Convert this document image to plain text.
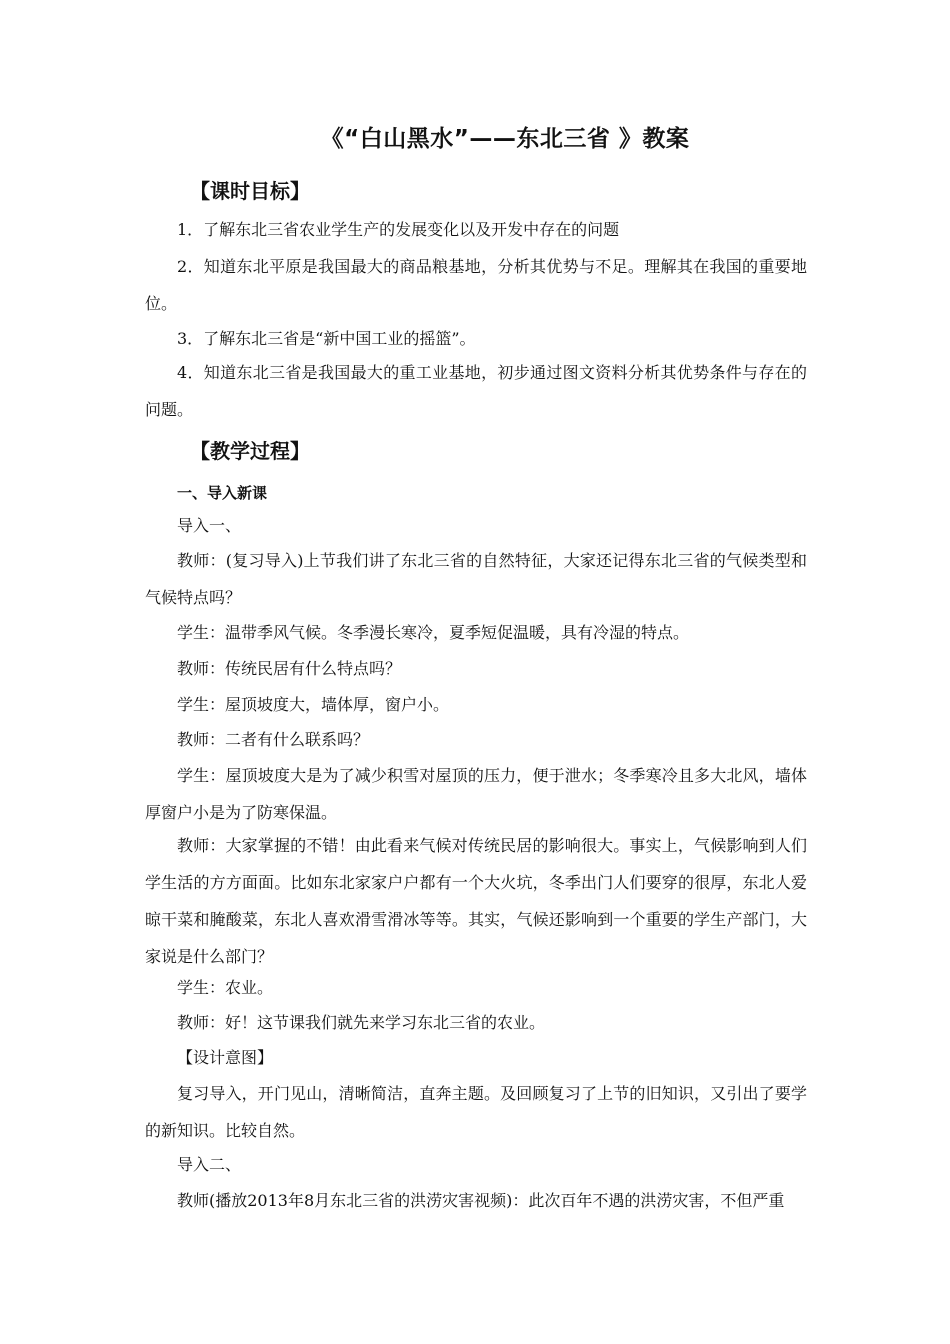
《“白山黑水”——东北三省 》教案
【课时目标】

1．了解东北三省农业学生产的发展变化以及开发中存在的问题

2．知道东北平原是我国最大的商品粮基地，分析其优势与不足。理解其在我国的重要地位。

3．了解东北三省是“新中国工业的摇篮”。

4．知道东北三省是我国最大的重工业基地，初步通过图文资料分析其优势条件与存在的问题。

【教学过程】
一、导入新课

导入一、

教师：(复习导入)上节我们讲了东北三省的自然特征，大家还记得东北三省的气候类型和气候特点吗？

学生：温带季风气候。冬季漫长寒冷，夏季短促温暖，具有冷湿的特点。

教师：传统民居有什么特点吗？

学生：屋顶坡度大，墙体厚，窗户小。

教师：二者有什么联系吗？

学生：屋顶坡度大是为了减少积雪对屋顶的压力，便于泄水；冬季寒冷且多大北风，墙体厚窗户小是为了防寒保温。

教师：大家掌握的不错！由此看来气候对传统民居的影响很大。事实上，气候影响到人们学生活的方方面面。比如东北家家户户都有一个大火坑，冬季出门人们要穿的很厚，东北人爱晾干菜和腌酸菜，东北人喜欢滑雪滑冰等等。其实，气候还影响到一个重要的学生产部门，大家说是什么部门？

学生：农业。

教师：好！这节课我们就先来学习东北三省的农业。

【设计意图】

复习导入，开门见山，清晰简洁，直奔主题。及回顾复习了上节的旧知识，又引出了要学的新知识。比较自然。

导入二、

教师(播放2013年8月东北三省的洪涝灾害视频)：此次百年不遇的洪涝灾害，不但严重
